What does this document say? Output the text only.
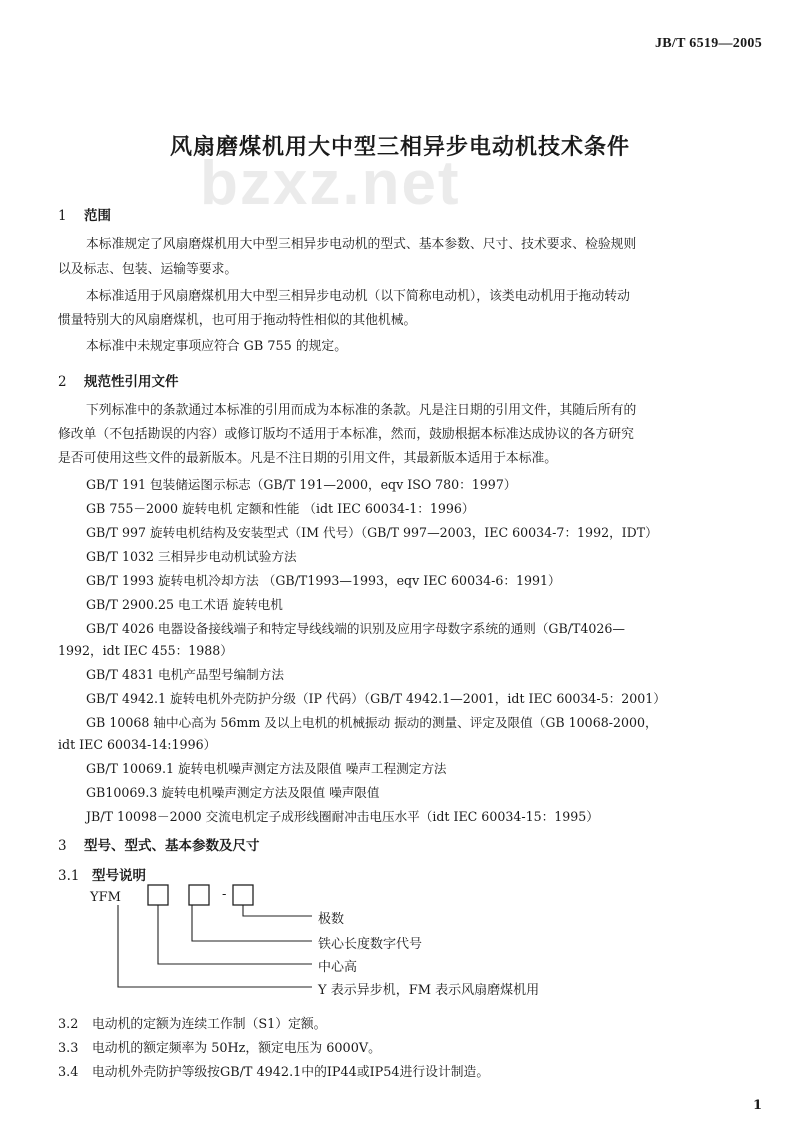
JB/T 6519—2005
bzxz.net
风扇磨煤机用大中型三相异步电动机技术条件
1 范围
本标准规定了风扇磨煤机用大中型三相异步电动机的型式、基本参数、尺寸、技术要求、检验规则
以及标志、包装、运输等要求。
本标准适用于风扇磨煤机用大中型三相异步电动机（以下简称电动机），该类电动机用于拖动转动
惯量特别大的风扇磨煤机，也可用于拖动特性相似的其他机械。
本标准中未规定事项应符合 GB 755 的规定。
2 规范性引用文件
下列标准中的条款通过本标准的引用而成为本标准的条款。凡是注日期的引用文件，其随后所有的
修改单（不包括勘误的内容）或修订版均不适用于本标准，然而，鼓励根据本标准达成协议的各方研究
是否可使用这些文件的最新版本。凡是不注日期的引用文件，其最新版本适用于本标准。
GB/T 191 包装储运图示标志（GB/T 191—2000，eqv ISO 780：1997）
GB 755－2000 旋转电机 定额和性能 （idt IEC 60034-1：1996）
GB/T 997 旋转电机结构及安装型式（IM 代号）（GB/T 997—2003，IEC 60034-7：1992，IDT）
GB/T 1032 三相异步电动机试验方法
GB/T 1993 旋转电机冷却方法 （GB/T1993—1993，eqv IEC 60034-6：1991）
GB/T 2900.25 电工术语 旋转电机
GB/T 4026 电器设备接线端子和特定导线线端的识别及应用字母数字系统的通则（GB/T4026—
1992，idt IEC 455：1988）
GB/T 4831 电机产品型号编制方法
GB/T 4942.1 旋转电机外壳防护分级（IP 代码）（GB/T 4942.1—2001，idt IEC 60034-5：2001）
GB 10068 轴中心高为 56mm 及以上电机的机械振动 振动的测量、评定及限值（GB 10068-2000，
idt IEC 60034-14:1996）
GB/T 10069.1 旋转电机噪声测定方法及限值 噪声工程测定方法
GB10069.3 旋转电机噪声测定方法及限值 噪声限值
JB/T 10098－2000 交流电机定子成形线圈耐冲击电压水平（idt IEC 60034-15：1995）
3 型号、型式、基本参数及尺寸
3.1 型号说明
YFM	-
极数
铁心长度数字代号
中心高
Y 表示异步机，FM 表示风扇磨煤机用
3.2 电动机的定额为连续工作制（S1）定额。
3.3 电动机的额定频率为 50Hz，额定电压为 6000V。
3.4 电动机外壳防护等级按GB/T 4942.1中的IP44或IP54进行设计制造。
1
